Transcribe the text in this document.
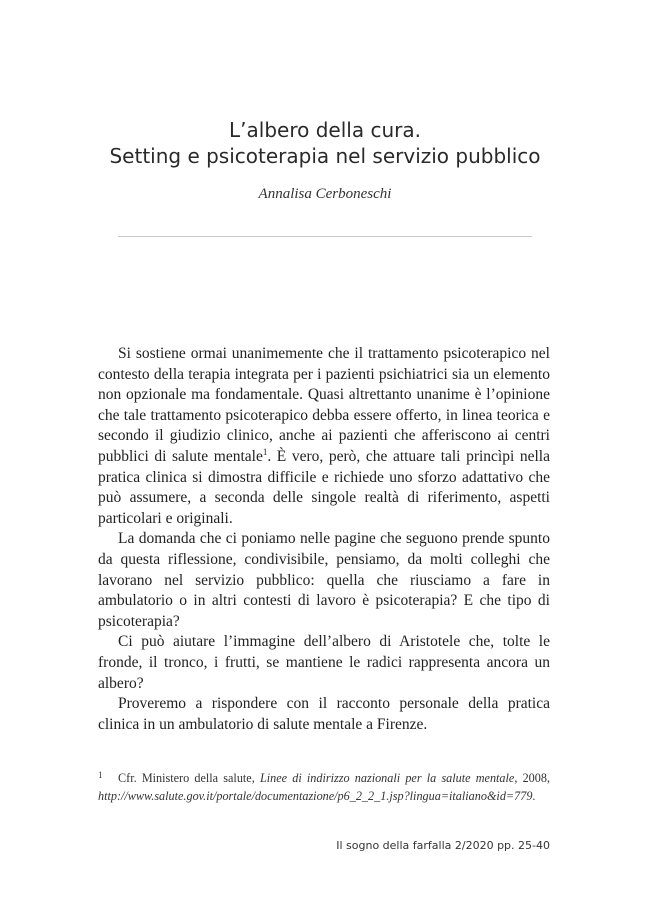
L’albero della cura.
Setting e psicoterapia nel servizio pubblico
Annalisa Cerboneschi

Si sostiene ormai unanimemente che il trattamento psicoterapico nel contesto della terapia integrata per i pazienti psichiatrici sia un elemento non opzionale ma fondamentale. Quasi altrettanto unanime è l’opinione che tale trattamento psicoterapico debba essere offerto, in linea teorica e secondo il giudizio clinico, anche ai pazienti che afferiscono ai centri pubblici di salute mentale$^1$. È vero, però, che attuare tali princìpi nella pratica clinica si dimostra difficile e richiede uno sforzo adattativo che può assumere, a seconda delle singole realtà di riferimento, aspetti particolari e originali.

La domanda che ci poniamo nelle pagine che seguono prende spunto da questa riflessione, condivisibile, pensiamo, da molti colleghi che lavorano nel servizio pubblico: quella che riusciamo a fare in ambulatorio o in altri contesti di lavoro è psicoterapia? E che tipo di psicoterapia?

Ci può aiutare l’immagine dell’albero di Aristotele che, tolte le fronde, il tronco, i frutti, se mantiene le radici rappresenta ancora un albero?

Proveremo a rispondere con il racconto personale della pratica clinica in un ambulatorio di salute mentale a Firenze.

1 Cfr. Ministero della salute, Linee di indirizzo nazionali per la salute mentale, 2008, http://www.salute.gov.it/portale/documentazione/p6_2_2_1.jsp?lingua=italiano&id=779.
Il sogno della farfalla 2/2020 pp. 25-40
